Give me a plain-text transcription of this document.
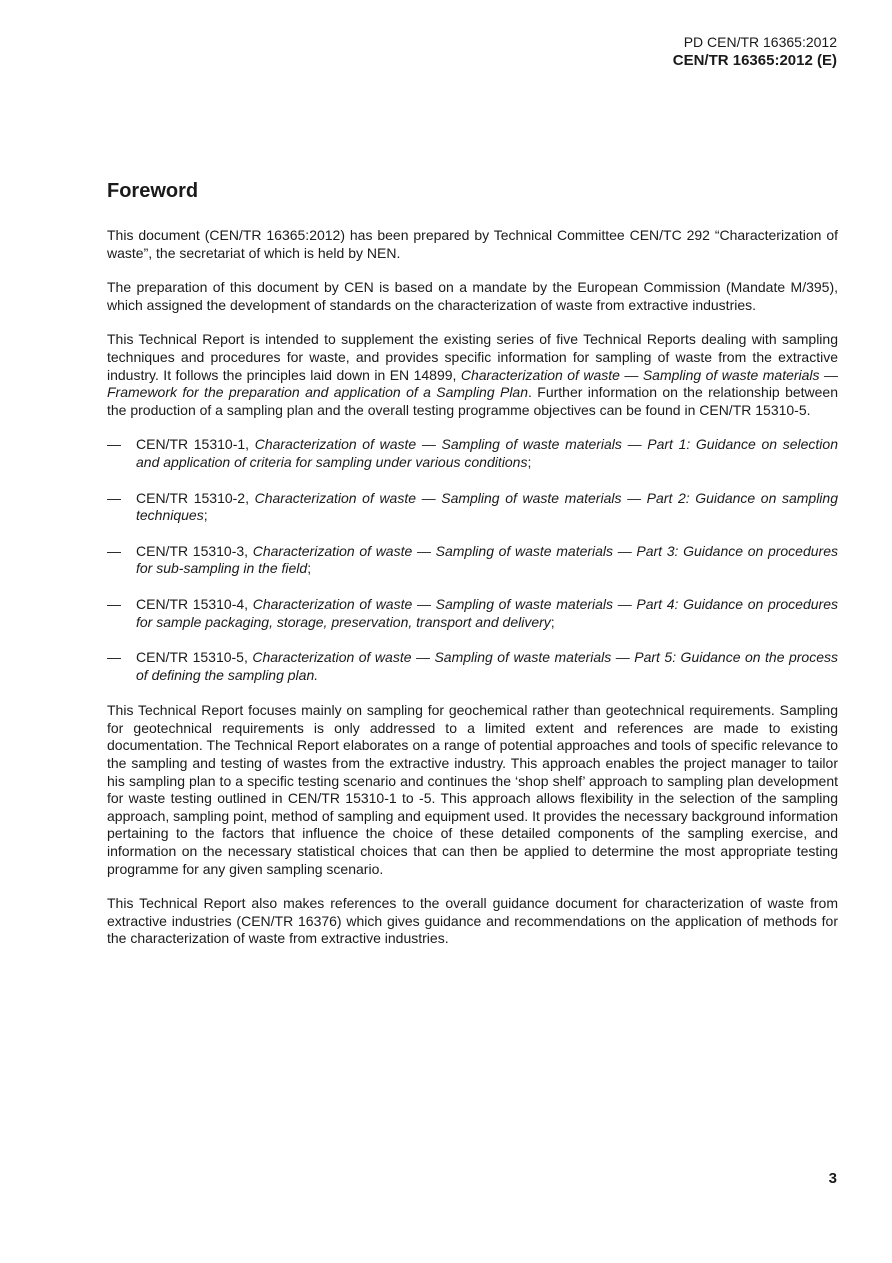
PD CEN/TR 16365:2012
CEN/TR 16365:2012 (E)
Foreword

This document (CEN/TR 16365:2012) has been prepared by Technical Committee CEN/TC 292 “Characterization of waste”, the secretariat of which is held by NEN.

The preparation of this document by CEN is based on a mandate by the European Commission (Mandate M/395), which assigned the development of standards on the characterization of waste from extractive industries.

This Technical Report is intended to supplement the existing series of five Technical Reports dealing with sampling techniques and procedures for waste, and provides specific information for sampling of waste from the extractive industry. It follows the principles laid down in EN 14899, Characterization of waste — Sampling of waste materials — Framework for the preparation and application of a Sampling Plan. Further information on the relationship between the production of a sampling plan and the overall testing programme objectives can be found in CEN/TR 15310-5.

—	CEN/TR 15310-1, Characterization of waste — Sampling of waste materials — Part 1: Guidance on selection and application of criteria for sampling under various conditions;
—	CEN/TR 15310-2, Characterization of waste — Sampling of waste materials — Part 2: Guidance on sampling techniques;
—	CEN/TR 15310-3, Characterization of waste — Sampling of waste materials — Part 3: Guidance on procedures for sub-sampling in the field;
—	CEN/TR 15310-4, Characterization of waste — Sampling of waste materials — Part 4: Guidance on procedures for sample packaging, storage, preservation, transport and delivery;
—	CEN/TR 15310-5, Characterization of waste — Sampling of waste materials — Part 5: Guidance on the process of defining the sampling plan.

This Technical Report focuses mainly on sampling for geochemical rather than geotechnical requirements. Sampling for geotechnical requirements is only addressed to a limited extent and references are made to existing documentation. The Technical Report elaborates on a range of potential approaches and tools of specific relevance to the sampling and testing of wastes from the extractive industry. This approach enables the project manager to tailor his sampling plan to a specific testing scenario and continues the ‘shop shelf’ approach to sampling plan development for waste testing outlined in CEN/TR 15310-1 to -5. This approach allows flexibility in the selection of the sampling approach, sampling point, method of sampling and equipment used. It provides the necessary background information pertaining to the factors that influence the choice of these detailed components of the sampling exercise, and information on the necessary statistical choices that can then be applied to determine the most appropriate testing programme for any given sampling scenario.

This Technical Report also makes references to the overall guidance document for characterization of waste from extractive industries (CEN/TR 16376) which gives guidance and recommendations on the application of methods for the characterization of waste from extractive industries.

3
